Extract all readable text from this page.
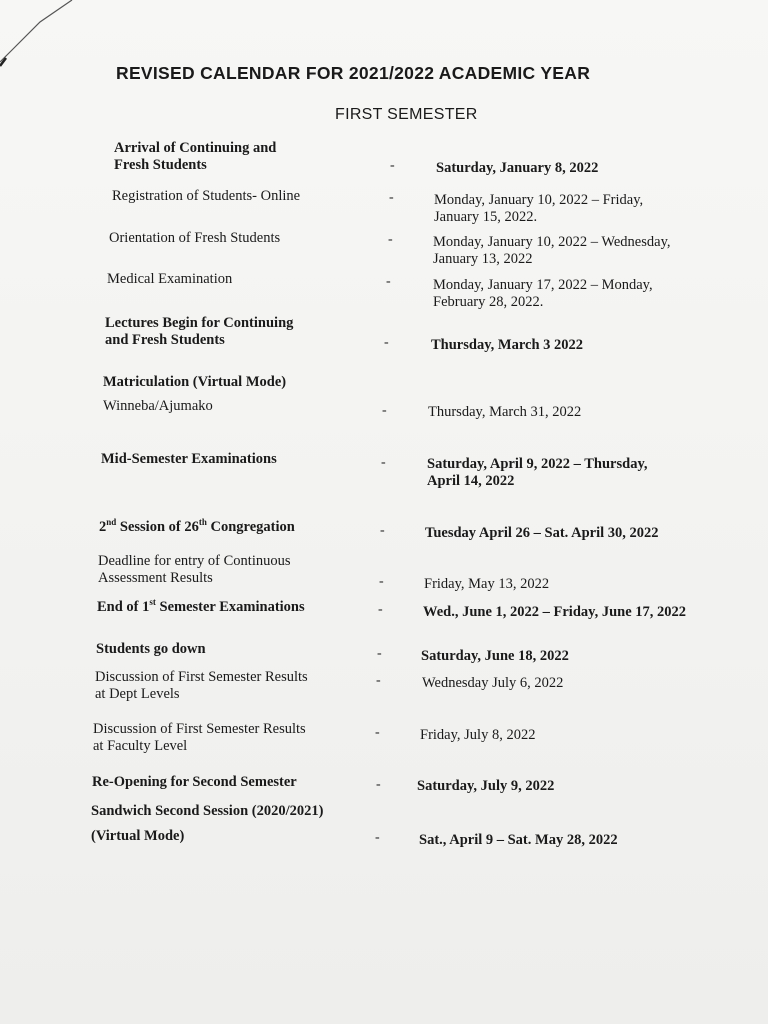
REVISED CALENDAR FOR 2021/2022 ACADEMIC YEAR
FIRST SEMESTER
Arrival of Continuing and
Fresh Students	-	Saturday, January 8, 2022
Registration of Students- Online	-	Monday, January 10, 2022 – Friday,
January 15, 2022.
Orientation of Fresh Students	-	Monday, January 10, 2022 – Wednesday,
January 13, 2022
Medical Examination	-	Monday, January 17, 2022 – Monday,
February 28, 2022.
Lectures Begin for Continuing
and Fresh Students	-	Thursday, March 3 2022
Matriculation (Virtual Mode)
Winneba/Ajumako	-	Thursday, March 31, 2022
Mid-Semester Examinations	-	Saturday, April 9, 2022 – Thursday,
April 14, 2022
2nd Session of 26th Congregation	-	Tuesday April 26 – Sat. April 30, 2022
Deadline for entry of Continuous
Assessment Results	-	Friday, May 13, 2022
End of 1st Semester Examinations	-	Wed., June 1, 2022 – Friday, June 17, 2022
Students go down	-	Saturday, June 18, 2022
Discussion of First Semester Results
at Dept Levels
-	Wednesday July 6, 2022
Discussion of First Semester Results
at Faculty Level
-	Friday, July 8, 2022
Re-Opening for Second Semester	-	Saturday, July 9, 2022
Sandwich Second Session (2020/2021)
(Virtual Mode)	-	Sat., April 9 – Sat. May 28, 2022
